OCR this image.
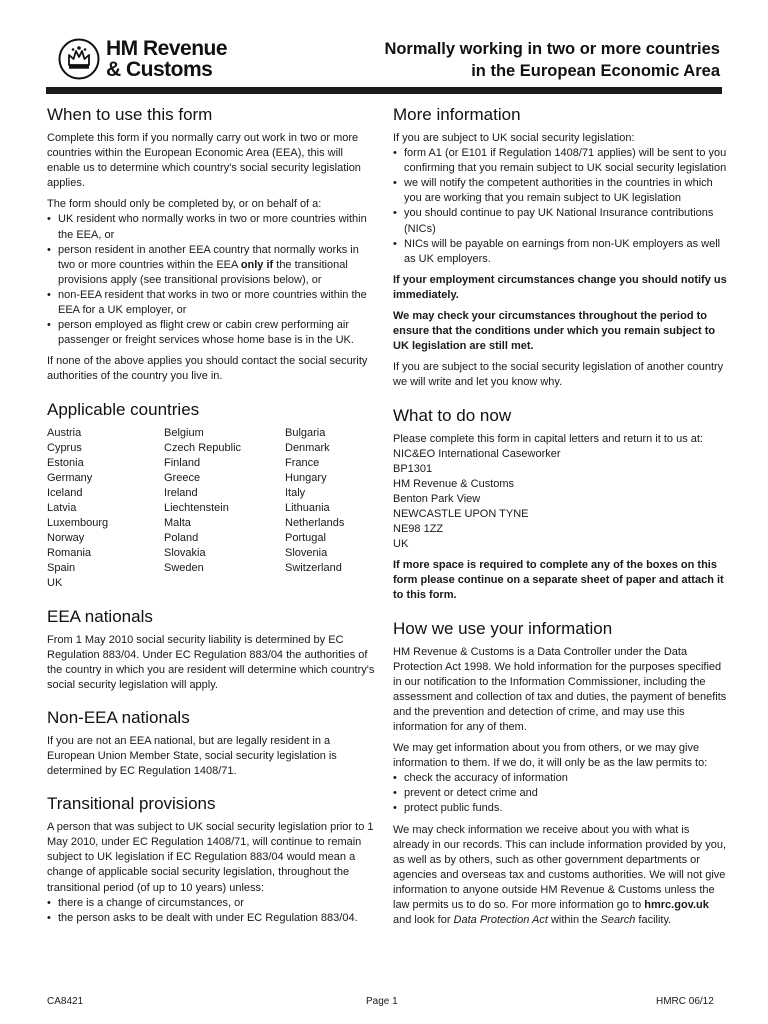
HM Revenue
& Customs
Normally working in two or more countries
in the European Economic Area
When to use this form

Complete this form if you normally carry out work in two or more countries within the European Economic Area (EEA), this will enable us to determine which country's social security legislation applies.

The form should only be completed by, or on behalf of a:

• UK resident who normally works in two or more countries within the EEA, or
• person resident in another EEA country that normally works in two or more countries within the EEA only if the transitional provisions apply (see transitional provisions below), or
• non-EEA resident that works in two or more countries within the EEA for a UK employer, or
• person employed as flight crew or cabin crew performing air passenger or freight services whose home base is in the UK.

If none of the above applies you should contact the social security authorities of the country you live in.

Applicable countries
Austria	Belgium	Bulgaria
Cyprus	Czech Republic	Denmark
Estonia	Finland	France
Germany	Greece	Hungary
Iceland	Ireland	Italy
Latvia	Liechtenstein	Lithuania
Luxembourg	Malta	Netherlands
Norway	Poland	Portugal
Romania	Slovakia	Slovenia
Spain	Sweden	Switzerland
UK
EEA nationals

From 1 May 2010 social security liability is determined by EC Regulation 883/04. Under EC Regulation 883/04 the authorities of the country in which you are resident will determine which country's social security legislation will apply.

Non-EEA nationals

If you are not an EEA national, but are legally resident in a European Union Member State, social security legislation is determined by EC Regulation 1408/71.

Transitional provisions

A person that was subject to UK social security legislation prior to 1 May 2010, under EC Regulation 1408/71, will continue to remain subject to UK legislation if EC Regulation 883/04 would mean a change of applicable social security legislation, throughout the transitional period (of up to 10 years) unless:

• there is a change of circumstances, or
• the person asks to be dealt with under EC Regulation 883/04.
More information

If you are subject to UK social security legislation:

• form A1 (or E101 if Regulation 1408/71 applies) will be sent to you confirming that you remain subject to UK social security legislation
• we will notify the competent authorities in the countries in which you are working that you remain subject to UK legislation
• you should continue to pay UK National Insurance contributions (NICs)
• NICs will be payable on earnings from non-UK employers as well as UK employers.

If your employment circumstances change you should notify us immediately.

We may check your circumstances throughout the period to ensure that the conditions under which you remain subject to UK legislation are still met.

If you are subject to the social security legislation of another country we will write and let you know why.

What to do now

Please complete this form in capital letters and return it to us at:

NIC&EO International Caseworker
BP1301
HM Revenue & Customs
Benton Park View
NEWCASTLE UPON TYNE
NE98 1ZZ
UK

If more space is required to complete any of the boxes on this form please continue on a separate sheet of paper and attach it to this form.

How we use your information

HM Revenue & Customs is a Data Controller under the Data Protection Act 1998. We hold information for the purposes specified in our notification to the Information Commissioner, including the assessment and collection of tax and duties, the payment of benefits and the prevention and detection of crime, and may use this information for any of them.

We may get information about you from others, or we may give information to them. If we do, it will only be as the law permits to:

• check the accuracy of information
• prevent or detect crime and
• protect public funds.

We may check information we receive about you with what is already in our records. This can include information provided by you, as well as by others, such as other government departments or agencies and overseas tax and customs authorities. We will not give information to anyone outside HM Revenue & Customs unless the law permits us to do so. For more information go to hmrc.gov.uk and look for Data Protection Act within the Search facility.

CA8421	Page 1	HMRC 06/12
